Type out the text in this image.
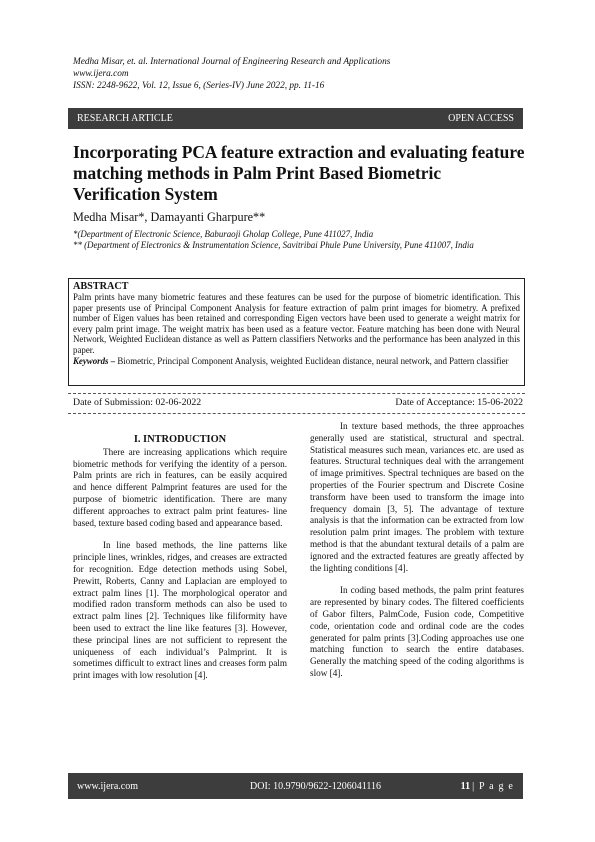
Medha Misar, et. al. International Journal of Engineering Research and Applications
www.ijera.com
ISSN: 2248-9622, Vol. 12, Issue 6, (Series-IV) June 2022, pp. 11-16
RESEARCH ARTICLE	OPEN ACCESS
Incorporating PCA feature extraction and evaluating feature matching methods in Palm Print Based Biometric Verification System
Medha Misar*, Damayanti Gharpure**
*(Department of Electronic Science, Baburaoji Gholap College, Pune 411027, India
** (Department of Electronics & Instrumentation Science, Savitribai Phule Pune University, Pune 411007, India
ABSTRACT
Palm prints have many biometric features and these features can be used for the purpose of biometric identification. This paper presents use of Principal Component Analysis for feature extraction of palm print images for biometry. A prefixed number of Eigen values has been retained and corresponding Eigen vectors have been used to generate a weight matrix for every palm print image. The weight matrix has been used as a feature vector. Feature matching has been done with Neural Network, Weighted Euclidean distance as well as Pattern classifiers Networks and the performance has been analyzed in this paper.
Keywords – Biometric, Principal Component Analysis, weighted Euclidean distance, neural network, and Pattern classifier
Date of Submission: 02-06-2022	Date of Acceptance: 15-06-2022
I. INTRODUCTION

There are increasing applications which require biometric methods for verifying the identity of a person. Palm prints are rich in features, can be easily acquired and hence different Palmprint features are used for the purpose of biometric identification. There are many different approaches to extract palm print features- line based, texture based coding based and appearance based.

In line based methods, the line patterns like principle lines, wrinkles, ridges, and creases are extracted for recognition. Edge detection methods using Sobel, Prewitt, Roberts, Canny and Laplacian are employed to extract palm lines [1]. The morphological operator and modified radon transform methods can also be used to extract palm lines [2]. Techniques like filiformity have been used to extract the line like features [3]. However, these principal lines are not sufficient to represent the uniqueness of each individual’s Palmprint. It is sometimes difficult to extract lines and creases form palm print images with low resolution [4].

In texture based methods, the three approaches generally used are statistical, structural and spectral. Statistical measures such mean, variances etc. are used as features. Structural techniques deal with the arrangement of image primitives. Spectral techniques are based on the properties of the Fourier spectrum and Discrete Cosine transform have been used to transform the image into frequency domain [3, 5]. The advantage of texture analysis is that the information can be extracted from low resolution palm print images. The problem with texture method is that the abundant textural details of a palm are ignored and the extracted features are greatly affected by the lighting conditions [4].

In coding based methods, the palm print features are represented by binary codes. The filtered coefficients of Gabor filters, PalmCode, Fusion code, Competitive code, orientation code and ordinal code are the codes generated for palm prints [3].Coding approaches use one matching function to search the entire databases. Generally the matching speed of the coding algorithms is slow [4].

www.ijera.com	DOI: 10.9790/9622-1206041116	11 | P a g e
